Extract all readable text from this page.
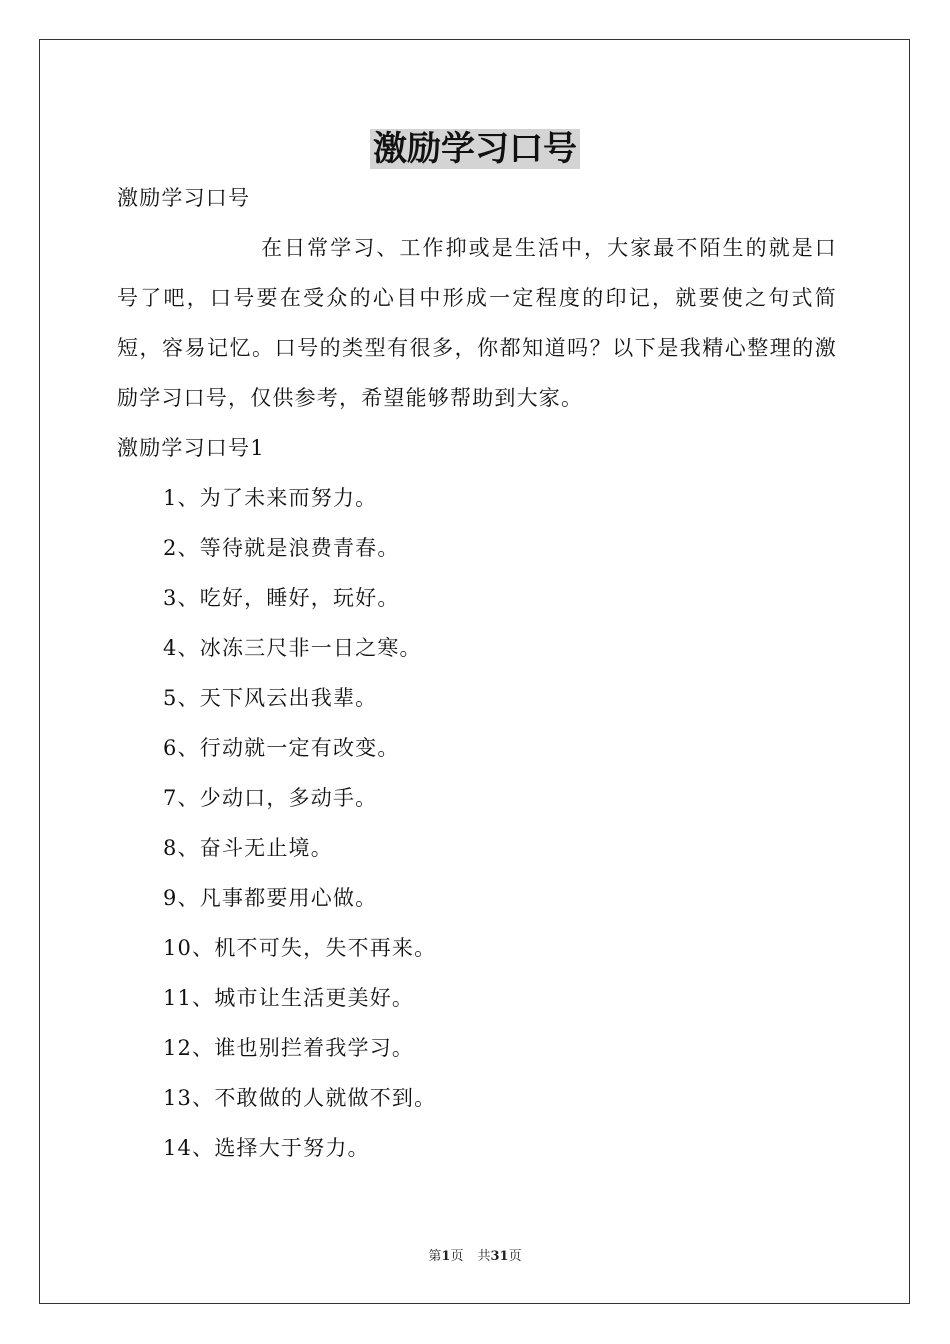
激励学习口号
激励学习口号

在日常学习、工作抑或是生活中，大家最不陌生的就是口号了吧，口号要在受众的心目中形成一定程度的印记，就要使之句式简短，容易记忆。口号的类型有很多，你都知道吗？以下是我精心整理的激励学习口号，仅供参考，希望能够帮助到大家。

激励学习口号1
1、为了未来而努力。
2、等待就是浪费青春。
3、吃好，睡好，玩好。
4、冰冻三尺非一日之寒。
5、天下风云出我辈。
6、行动就一定有改变。
7、少动口，多动手。
8、奋斗无止境。
9、凡事都要用心做。
10、机不可失，失不再来。
11、城市让生活更美好。
12、谁也别拦着我学习。
13、不敢做的人就做不到。
14、选择大于努力。
第1页 共31页
